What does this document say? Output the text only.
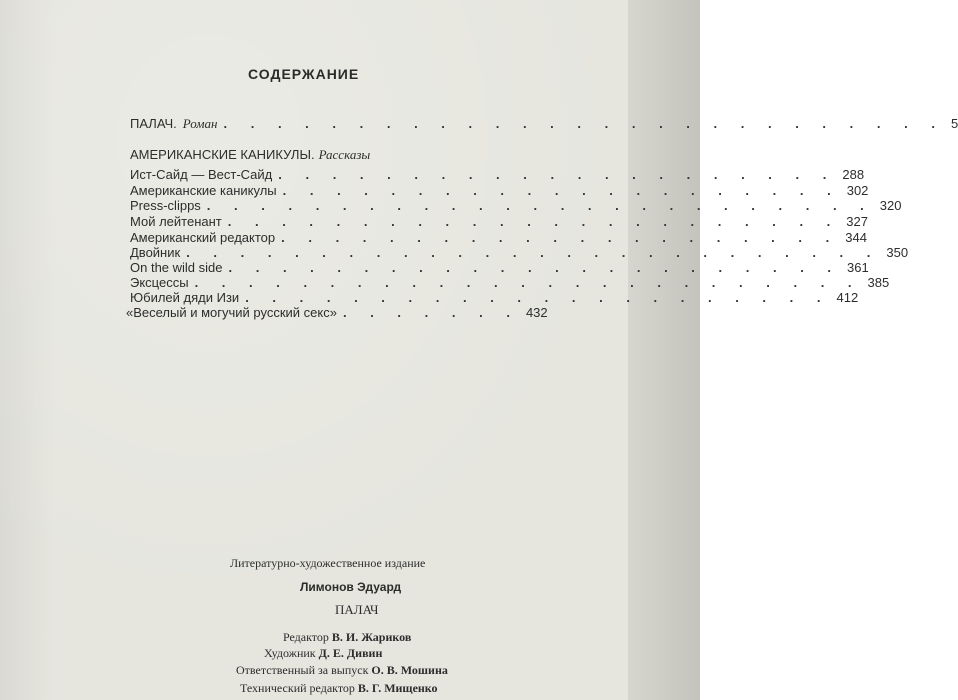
СОДЕРЖАНИЕ
ПАЛАЧ. Роман . . . . . . . . . . . . . . . . . . . . . . . . . . . 5
АМЕРИКАНСКИЕ КАНИКУЛЫ. Рассказы
Ист-Сайд — Вест-Сайд . . . . . . . . . . . . . . . . . . . . . 288
Американские каникулы . . . . . . . . . . . . . . . . . . . . . 302
Press-clipps . . . . . . . . . . . . . . . . . . . . . . . . . 320
Мой лейтенант . . . . . . . . . . . . . . . . . . . . . . . 327
Американский редактор . . . . . . . . . . . . . . . . . . . . . 344
Двойник . . . . . . . . . . . . . . . . . . . . . . . . . . 350
On the wild side . . . . . . . . . . . . . . . . . . . . . . . 361
Эксцессы . . . . . . . . . . . . . . . . . . . . . . . . . 385
Юбилей дяди Изи . . . . . . . . . . . . . . . . . . . . . . 412
«Веселый и могучий русский секс» . . . . . . . 432
Литературно-художественное издание
Лимонов Эдуард
ПАЛАЧ
Редактор В. И. Жариков
Художник Д. Е. Дивин
Ответственный за выпуск О. В. Мошина
Технический редактор В. Г. Мищенко
